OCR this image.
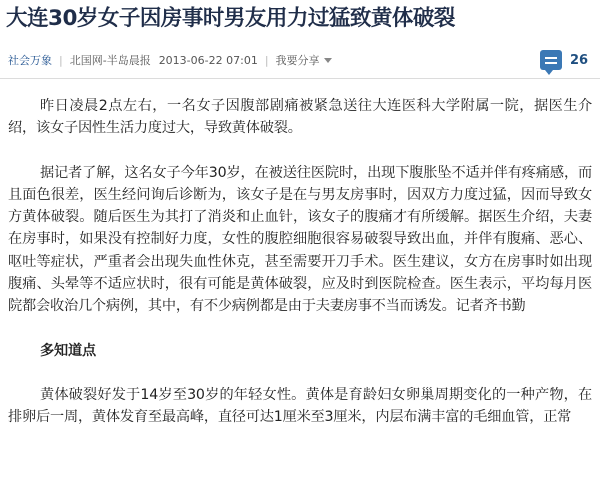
大连30岁女子因房事时男友用力过猛致黄体破裂
社会万象 | 北国网-半岛晨报 2013-06-22 07:01 | 我要分享	26

昨日凌晨2点左右，一名女子因腹部剧痛被紧急送往大连医科大学附属一院，据医生介绍，该女子因性生活力度过大，导致黄体破裂。

据记者了解，这名女子今年30岁，在被送往医院时，出现下腹胀坠不适并伴有疼痛感，而且面色很差，医生经问询后诊断为，该女子是在与男友房事时，因双方力度过猛，因而导致女方黄体破裂。随后医生为其打了消炎和止血针，该女子的腹痛才有所缓解。据医生介绍，夫妻在房事时，如果没有控制好力度，女性的腹腔细胞很容易破裂导致出血，并伴有腹痛、恶心、呕吐等症状，严重者会出现失血性休克，甚至需要开刀手术。医生建议，女方在房事时如出现腹痛、头晕等不适应状时，很有可能是黄体破裂，应及时到医院检查。医生表示，平均每月医院都会收治几个病例，其中，有不少病例都是由于夫妻房事不当而诱发。记者齐书勤

多知道点

黄体破裂好发于14岁至30岁的年轻女性。黄体是育龄妇女卵巢周期变化的一种产物，在排卵后一周，黄体发育至最高峰，直径可达1厘米至3厘米，内层布满丰富的毛细血管，正常
